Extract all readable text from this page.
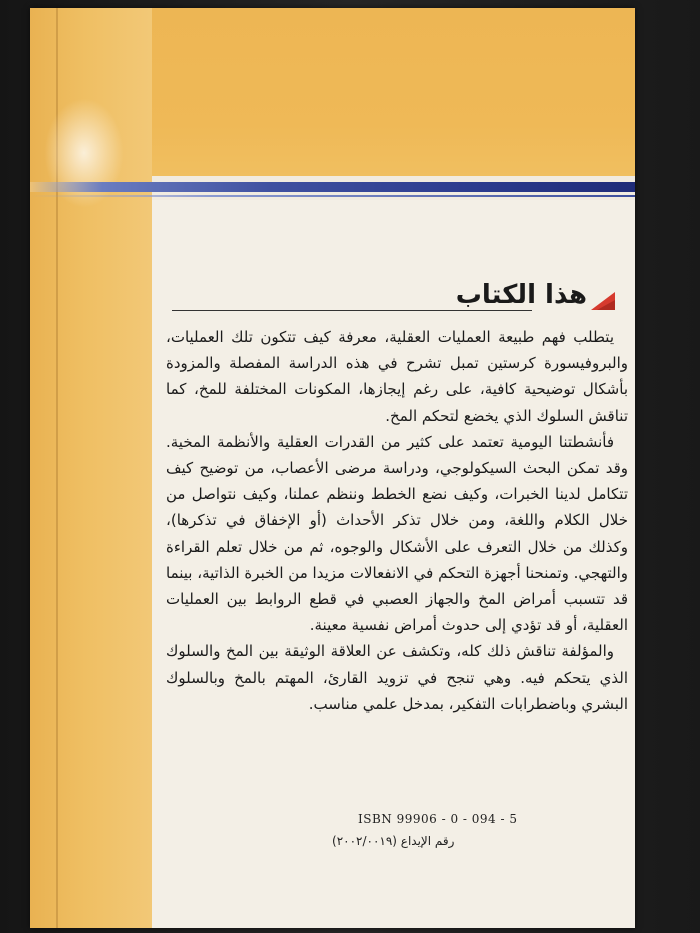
هذا الكتاب

يتطلب فهم طبيعة العمليات العقلية، معرفة كيف تتكون تلك العمليات، والبروفيسورة كرستين تمبل تشرح في هذه الدراسة المفصلة والمزودة بأشكال توضيحية كافية، على رغم إيجازها، المكونات المختلفة للمخ، كما تناقش السلوك الذي يخضع لتحكم المخ.

فأنشطتنا اليومية تعتمد على كثير من القدرات العقلية والأنظمة المخية. وقد تمكن البحث السيكولوجي، ودراسة مرضى الأعصاب، من توضيح كيف تتكامل لدينا الخبرات، وكيف نضع الخطط وننظم عملنا، وكيف نتواصل من خلال الكلام واللغة، ومن خلال تذكر الأحداث (أو الإخفاق في تذكرها)، وكذلك من خلال التعرف على الأشكال والوجوه، ثم من خلال تعلم القراءة والتهجي. وتمنحنا أجهزة التحكم في الانفعالات مزيدا من الخبرة الذاتية، بينما قد تتسبب أمراض المخ والجهاز العصبي في قطع الروابط بين العمليات العقلية، أو قد تؤدي إلى حدوث أمراض نفسية معينة.

والمؤلفة تناقش ذلك كله، وتكشف عن العلاقة الوثيقة بين المخ والسلوك الذي يتحكم فيه. وهي تنجح في تزويد القارئ، المهتم بالمخ وبالسلوك البشري وباضطرابات التفكير، بمدخل علمي مناسب.

ISBN 99906 - 0 - 094 - 5
رقم الإيداع (٢٠٠٢/٠٠١٩)
